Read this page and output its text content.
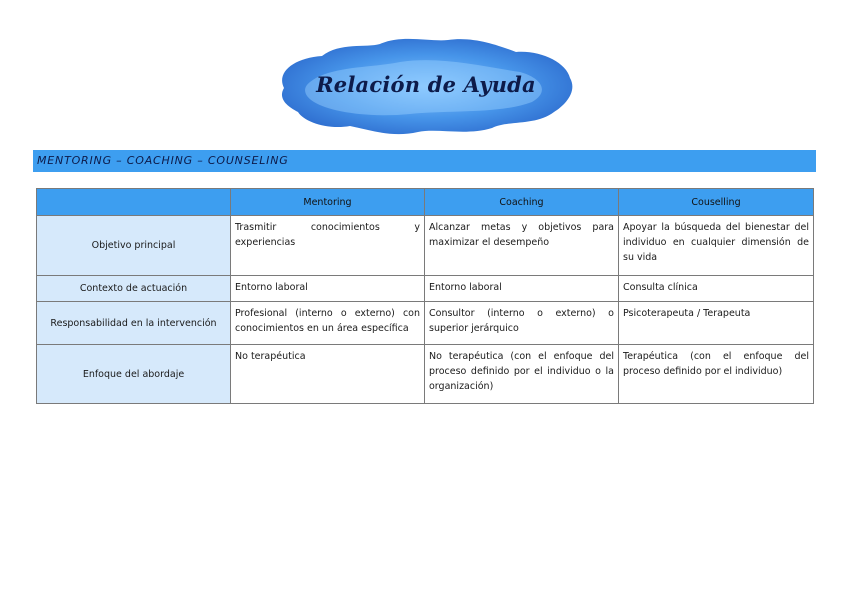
Relación de Ayuda
MENTORING – COACHING – COUNSELING
	Mentoring	Coaching	Couselling
Objetivo principal	Trasmitir conocimientos y experiencias	Alcanzar metas y objetivos para maximizar el desempeño	Apoyar la búsqueda del bienestar del individuo en cualquier dimensión de su vida
Contexto de actuación	Entorno laboral	Entorno laboral	Consulta clínica
Responsabilidad en la intervención	Profesional (interno o externo) con conocimientos en un área específica	Consultor (interno o externo) o superior jerárquico	Psicoterapeuta / Terapeuta
Enfoque del abordaje	No terapéutica	No terapéutica (con el enfoque del proceso definido por el individuo o la organización)	Terapéutica (con el enfoque del proceso definido por el individuo)
